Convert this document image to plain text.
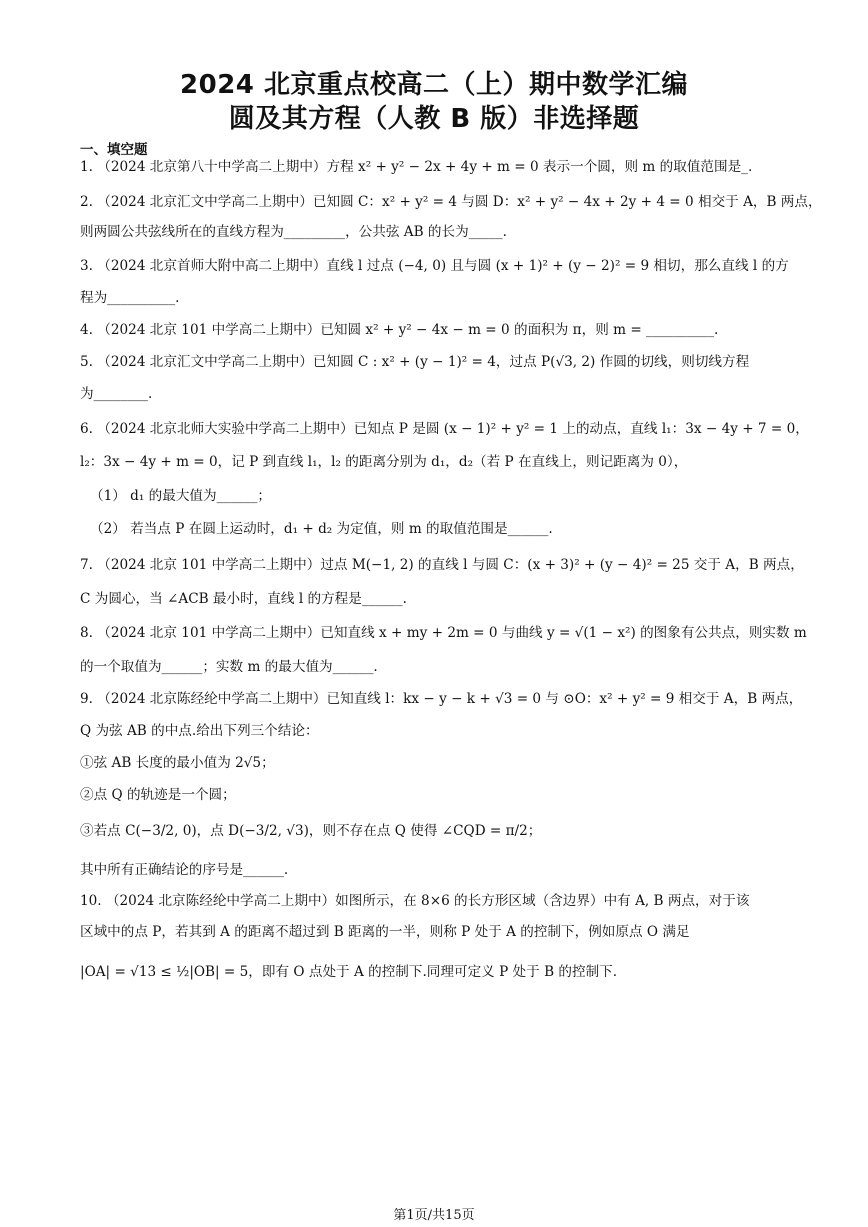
2024 北京重点校高二（上）期中数学汇编
圆及其方程（人教 B 版）非选择题
一、填空题
1. （2024 北京第八十中学高二上期中）方程 x² + y² − 2x + 4y + m = 0 表示一个圆，则 m 的取值范围是_.
2. （2024 北京汇文中学高二上期中）已知圆 C：x² + y² = 4 与圆 D：x² + y² − 4x + 2y + 4 = 0 相交于 A，B 两点，
则两圆公共弦线所在的直线方程为_________，公共弦 AB 的长为_____.
3. （2024 北京首师大附中高二上期中）直线 l 过点 (−4, 0) 且与圆 (x + 1)² + (y − 2)² = 9 相切，那么直线 l 的方
程为__________.
4. （2024 北京 101 中学高二上期中）已知圆 x² + y² − 4x − m = 0 的面积为 π，则 m = __________.
5. （2024 北京汇文中学高二上期中）已知圆 C : x² + (y − 1)² = 4，过点 P(√3, 2) 作圆的切线，则切线方程
为________.
6. （2024 北京北师大实验中学高二上期中）已知点 P 是圆 (x − 1)² + y² = 1 上的动点，直线 l₁：3x − 4y + 7 = 0，
l₂：3x − 4y + m = 0，记 P 到直线 l₁，l₂ 的距离分别为 d₁，d₂（若 P 在直线上，则记距离为 0），
（1） d₁ 的最大值为______；
（2） 若当点 P 在圆上运动时，d₁ + d₂ 为定值，则 m 的取值范围是______.
7. （2024 北京 101 中学高二上期中）过点 M(−1, 2) 的直线 l 与圆 C：(x + 3)² + (y − 4)² = 25 交于 A，B 两点，
C 为圆心，当 ∠ACB 最小时，直线 l 的方程是______.
8. （2024 北京 101 中学高二上期中）已知直线 x + my + 2m = 0 与曲线 y = √(1 − x²) 的图象有公共点，则实数 m
的一个取值为______；实数 m 的最大值为______.
9. （2024 北京陈经纶中学高二上期中）已知直线 l：kx − y − k + √3 = 0 与 ⊙O：x² + y² = 9 相交于 A，B 两点，
Q 为弦 AB 的中点.给出下列三个结论：
①弦 AB 长度的最小值为 2√5；
②点 Q 的轨迹是一个圆；
③若点 C(−3/2, 0)，点 D(−3/2, √3)，则不存在点 Q 使得 ∠CQD = π/2；
其中所有正确结论的序号是______.
10. （2024 北京陈经纶中学高二上期中）如图所示，在 8×6 的长方形区域（含边界）中有 A, B 两点，对于该
区域中的点 P，若其到 A 的距离不超过到 B 距离的一半，则称 P 处于 A 的控制下，例如原点 O 满足
|OA| = √13 ≤ ½|OB| = 5，即有 O 点处于 A 的控制下.同理可定义 P 处于 B 的控制下.
第1页/共15页
